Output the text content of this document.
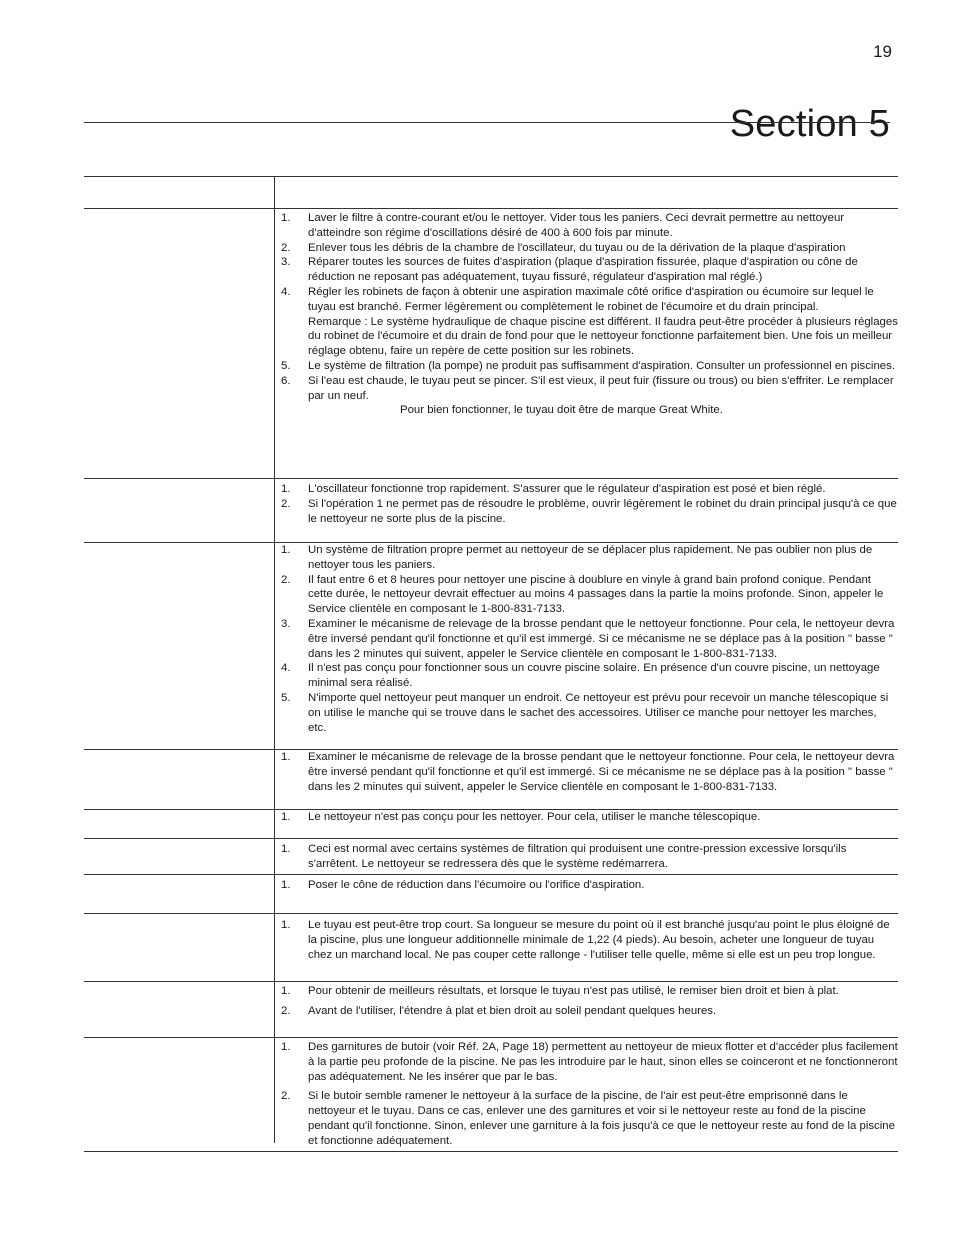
19
Section 5
1. Laver le filtre à contre-courant et/ou le nettoyer. Vider tous les paniers. Ceci devrait permettre au nettoyeur d'atteindre son régime d'oscillations désiré de 400 à 600 fois par minute.
2. Enlever tous les débris de la chambre de l'oscillateur, du tuyau ou de la dérivation de la plaque d'aspiration
3. Réparer toutes les sources de fuites d'aspiration (plaque d'aspiration fissurée, plaque d'aspiration ou cône de réduction ne reposant pas adéquatement, tuyau fissuré, régulateur d'aspiration mal réglé.)
4. Régler les robinets de façon à obtenir une aspiration maximale côté orifice d'aspiration ou écumoire sur lequel le tuyau est branché. Fermer légèrement ou complètement le robinet de l'écumoire et du drain principal.
Remarque : Le système hydraulique de chaque piscine est différent. Il faudra peut-être procéder à plusieurs réglages du robinet de l'écumoire et du drain de fond pour que le nettoyeur fonctionne parfaitement bien. Une fois un meilleur réglage obtenu, faire un repère de cette position sur les robinets.
5. Le système de filtration (la pompe) ne produit pas suffisamment d'aspiration. Consulter un professionnel en piscines.
6. Si l'eau est chaude, le tuyau peut se pincer. S'il est vieux, il peut fuir (fissure ou trous) ou bien s'effriter. Le remplacer par un neuf.
Pour bien fonctionner, le tuyau doit être de marque Great White.
1. L'oscillateur fonctionne trop rapidement. S'assurer que le régulateur d'aspiration est posé et bien réglé.
2. Si l'opération 1 ne permet pas de résoudre le problème, ouvrir légèrement le robinet du drain principal jusqu'à ce que le nettoyeur ne sorte plus de la piscine.
1. Un système de filtration propre permet au nettoyeur de se déplacer plus rapidement. Ne pas oublier non plus de nettoyer tous les paniers.
2. Il faut entre 6 et 8 heures pour nettoyer une piscine à doublure en vinyle à grand bain profond conique. Pendant cette durée, le nettoyeur devrait effectuer au moins 4 passages dans la partie la moins profonde. Sinon, appeler le Service clientèle en composant le 1-800-831-7133.
3. Examiner le mécanisme de relevage de la brosse pendant que le nettoyeur fonctionne. Pour cela, le nettoyeur devra être inversé pendant qu'il fonctionne et qu'il est immergé. Si ce mécanisme ne se déplace pas à la position " basse " dans les 2 minutes qui suivent, appeler le Service clientèle en composant le 1-800-831-7133.
4. Il n'est pas conçu pour fonctionner sous un couvre piscine solaire. En présence d'un couvre piscine, un nettoyage minimal sera réalisé.
5. N'importe quel nettoyeur peut manquer un endroit. Ce nettoyeur est prévu pour recevoir un manche télescopique si on utilise le manche qui se trouve dans le sachet des accessoires. Utiliser ce manche pour nettoyer les marches, etc.
1. Examiner le mécanisme de relevage de la brosse pendant que le nettoyeur fonctionne. Pour cela, le nettoyeur devra être inversé pendant qu'il fonctionne et qu'il est immergé. Si ce mécanisme ne se déplace pas à la position " basse " dans les 2 minutes qui suivent, appeler le Service clientèle en composant le 1-800-831-7133.
1. Le nettoyeur n'est pas conçu pour les nettoyer. Pour cela, utiliser le manche télescopique.
1. Ceci est normal avec certains systèmes de filtration qui produisent une contre-pression excessive lorsqu'ils s'arrêtent. Le nettoyeur se redressera dès que le système redémarrera.
1. Poser le cône de réduction dans l'écumoire ou l'orifice d'aspiration.
1. Le tuyau est peut-être trop court. Sa longueur se mesure du point où il est branché jusqu'au point le plus éloigné de la piscine, plus une longueur additionnelle minimale de 1,22 (4 pieds). Au besoin, acheter une longueur de tuyau chez un marchand local. Ne pas couper cette rallonge - l'utiliser telle quelle, même si elle est un peu trop longue.
1. Pour obtenir de meilleurs résultats, et lorsque le tuyau n'est pas utilisé, le remiser bien droit et bien à plat.
2. Avant de l'utiliser, l'étendre à plat et bien droit au soleil pendant quelques heures.
1. Des garnitures de butoir (voir Réf. 2A, Page 18) permettent au nettoyeur de mieux flotter et d'accéder plus facilement à la partie peu profonde de la piscine. Ne pas les introduire par le haut, sinon elles se coinceront et ne fonctionneront pas adéquatement. Ne les insérer que par le bas.
2. Si le butoir semble ramener le nettoyeur à la surface de la piscine, de l'air est peut-être emprisonné dans le nettoyeur et le tuyau. Dans ce cas, enlever une des garnitures et voir si le nettoyeur reste au fond de la piscine pendant qu'il fonctionne. Sinon, enlever une garniture à la fois jusqu'à ce que le nettoyeur reste au fond de la piscine et fonctionne adéquatement.
